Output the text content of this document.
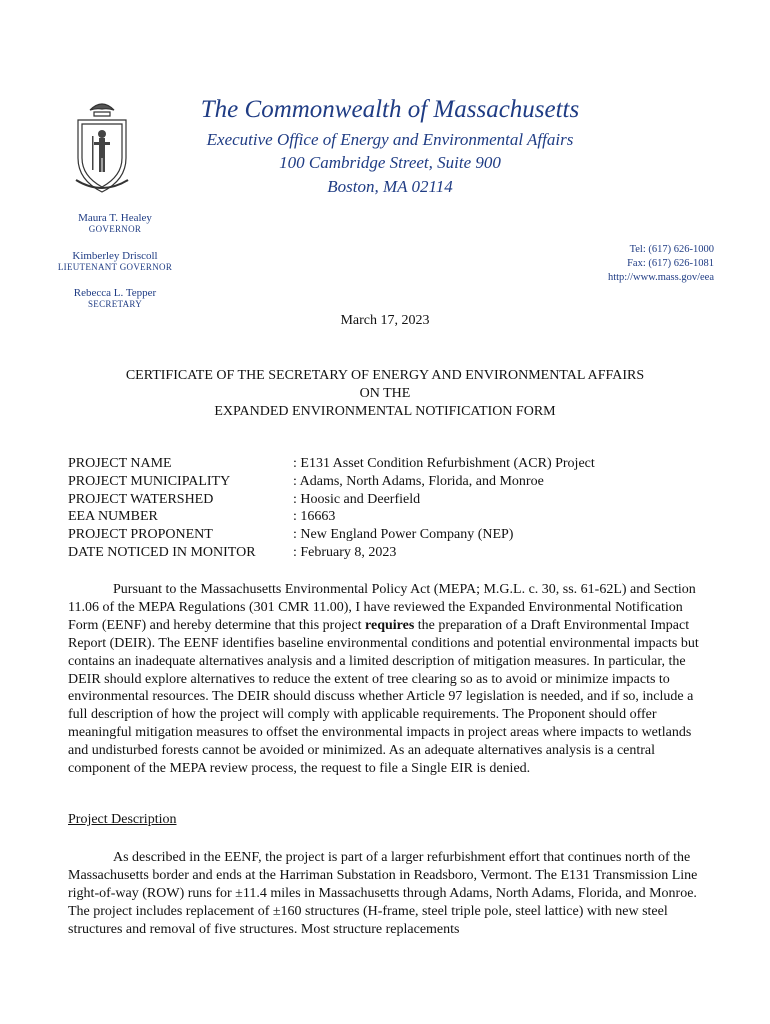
The Commonwealth of Massachusetts
Executive Office of Energy and Environmental Affairs
100 Cambridge Street, Suite 900
Boston, MA 02114
Maura T. Healey
GOVERNOR
Kimberley Driscoll
LIEUTENANT GOVERNOR
Rebecca L. Tepper
SECRETARY
Tel: (617) 626-1000
Fax: (617) 626-1081
http://www.mass.gov/eea
March 17, 2023
CERTIFICATE OF THE SECRETARY OF ENERGY AND ENVIRONMENTAL AFFAIRS
ON THE
EXPANDED ENVIRONMENTAL NOTIFICATION FORM
PROJECT NAME	: E131 Asset Condition Refurbishment (ACR) Project
PROJECT MUNICIPALITY	: Adams, North Adams, Florida, and Monroe
PROJECT WATERSHED	: Hoosic and Deerfield
EEA NUMBER	: 16663
PROJECT PROPONENT	: New England Power Company (NEP)
DATE NOTICED IN MONITOR	: February 8, 2023
Pursuant to the Massachusetts Environmental Policy Act (MEPA; M.G.L. c. 30, ss. 61-62L) and Section 11.06 of the MEPA Regulations (301 CMR 11.00), I have reviewed the Expanded Environmental Notification Form (EENF) and hereby determine that this project requires the preparation of a Draft Environmental Impact Report (DEIR). The EENF identifies baseline environmental conditions and potential environmental impacts but contains an inadequate alternatives analysis and a limited description of mitigation measures. In particular, the DEIR should explore alternatives to reduce the extent of tree clearing so as to avoid or minimize impacts to environmental resources. The DEIR should discuss whether Article 97 legislation is needed, and if so, include a full description of how the project will comply with applicable requirements. The Proponent should offer meaningful mitigation measures to offset the environmental impacts in project areas where impacts to wetlands and undisturbed forests cannot be avoided or minimized. As an adequate alternatives analysis is a central component of the MEPA review process, the request to file a Single EIR is denied.
Project Description
As described in the EENF, the project is part of a larger refurbishment effort that continues north of the Massachusetts border and ends at the Harriman Substation in Readsboro, Vermont. The E131 Transmission Line right-of-way (ROW) runs for ±11.4 miles in Massachusetts through Adams, North Adams, Florida, and Monroe. The project includes replacement of ±160 structures (H-frame, steel triple pole, steel lattice) with new steel structures and removal of five structures. Most structure replacements
